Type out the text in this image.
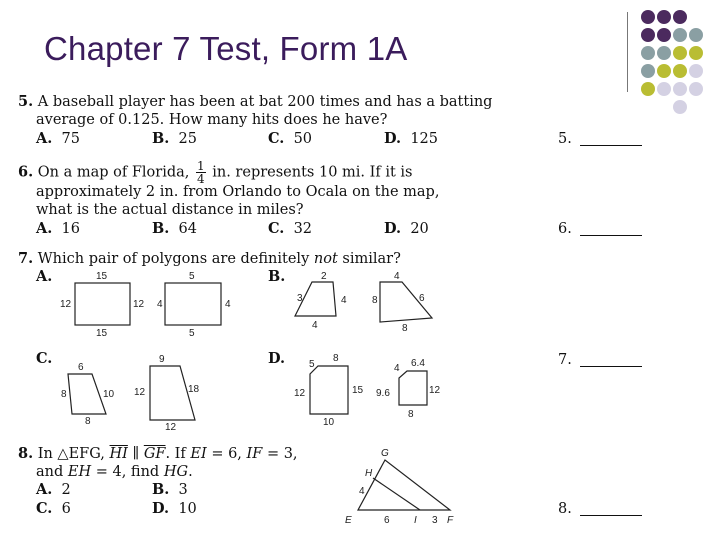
Chapter 7 Test, Form 1A
5. A baseball player has been at bat 200 times and has a batting
average of 0.125. How many hits does he have?
A. 75	B. 25	C. 50	D. 125	5.
6. On a map of Florida, $\frac{1}{4}$ in. represents 10 mi. If it is
approximately 2 in. from Orlando to Ocala on the map,
what is the actual distance in miles?
A. 16	B. 64	C. 32	D. 20	6.
7. Which pair of polygons are definitely not similar?
A.	B.
C.	D.	7.
15
12	12
15
5
4	4
5
2
3	4
4
4
8	6
8
6
8	10
8
9
12	18
12
8
5
12	15
10
6.4
4
9.6	12
8
G
H
E	I	F
4
6	3
8. In △EFG, $\overline{HI}$ ∥ $\overline{GF}$. If EI = 6, IF = 3,
and EH = 4, find HG.
A. 2	B. 3
C. 6	D. 10	8.
